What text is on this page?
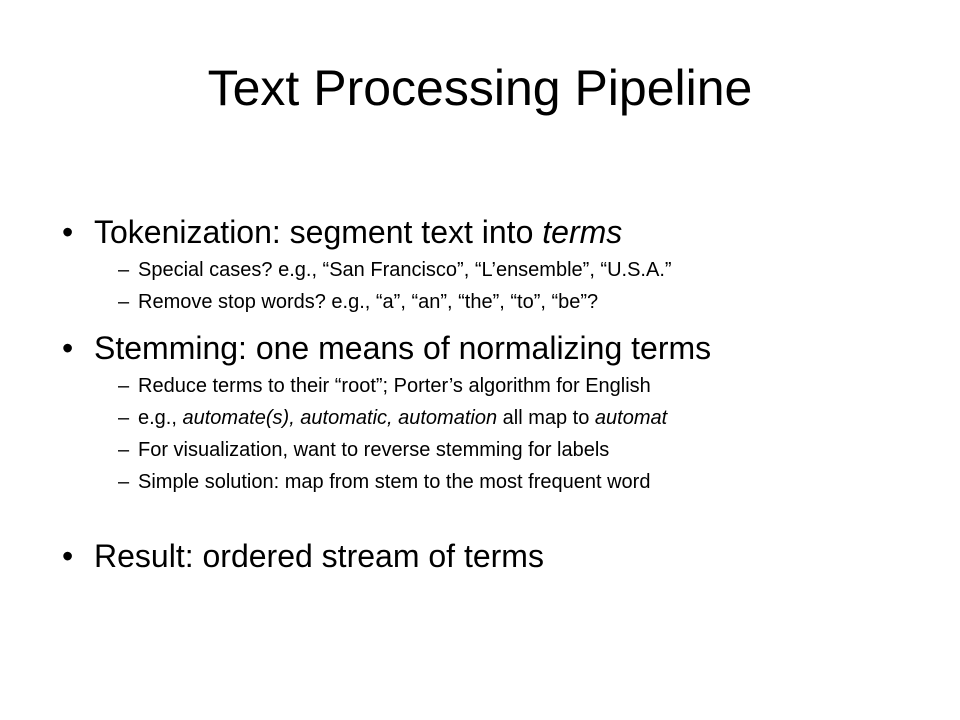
Text Processing Pipeline
• Tokenization: segment text into terms
– Special cases? e.g., “San Francisco”, “L’ensemble”, “U.S.A.”
– Remove stop words? e.g., “a”, “an”, “the”, “to”, “be”?
• Stemming: one means of normalizing terms
– Reduce terms to their “root”; Porter’s algorithm for English
– e.g., automate(s), automatic, automation all map to automat
– For visualization, want to reverse stemming for labels
– Simple solution: map from stem to the most frequent word
• Result: ordered stream of terms
